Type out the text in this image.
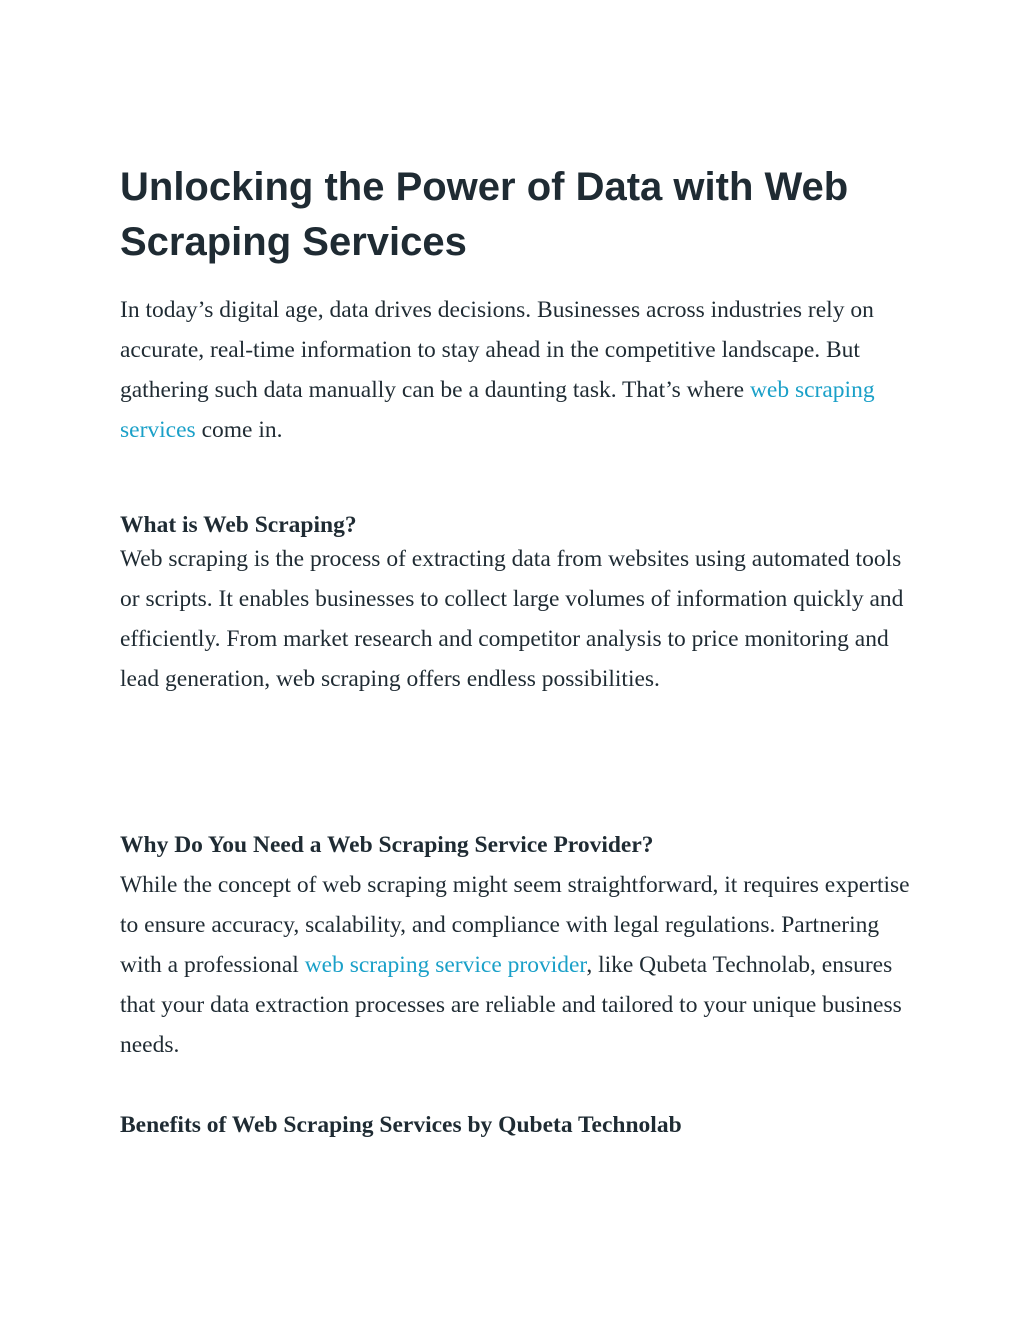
Unlocking the Power of Data with Web Scraping Services

In today’s digital age, data drives decisions. Businesses across industries rely on accurate, real-time information to stay ahead in the competitive landscape. But gathering such data manually can be a daunting task. That’s where web scraping services come in.

What is Web Scraping?

Web scraping is the process of extracting data from websites using automated tools or scripts. It enables businesses to collect large volumes of information quickly and efficiently. From market research and competitor analysis to price monitoring and lead generation, web scraping offers endless possibilities.

Why Do You Need a Web Scraping Service Provider?

While the concept of web scraping might seem straightforward, it requires expertise to ensure accuracy, scalability, and compliance with legal regulations. Partnering with a professional web scraping service provider, like Qubeta Technolab, ensures that your data extraction processes are reliable and tailored to your unique business needs.

Benefits of Web Scraping Services by Qubeta Technolab
